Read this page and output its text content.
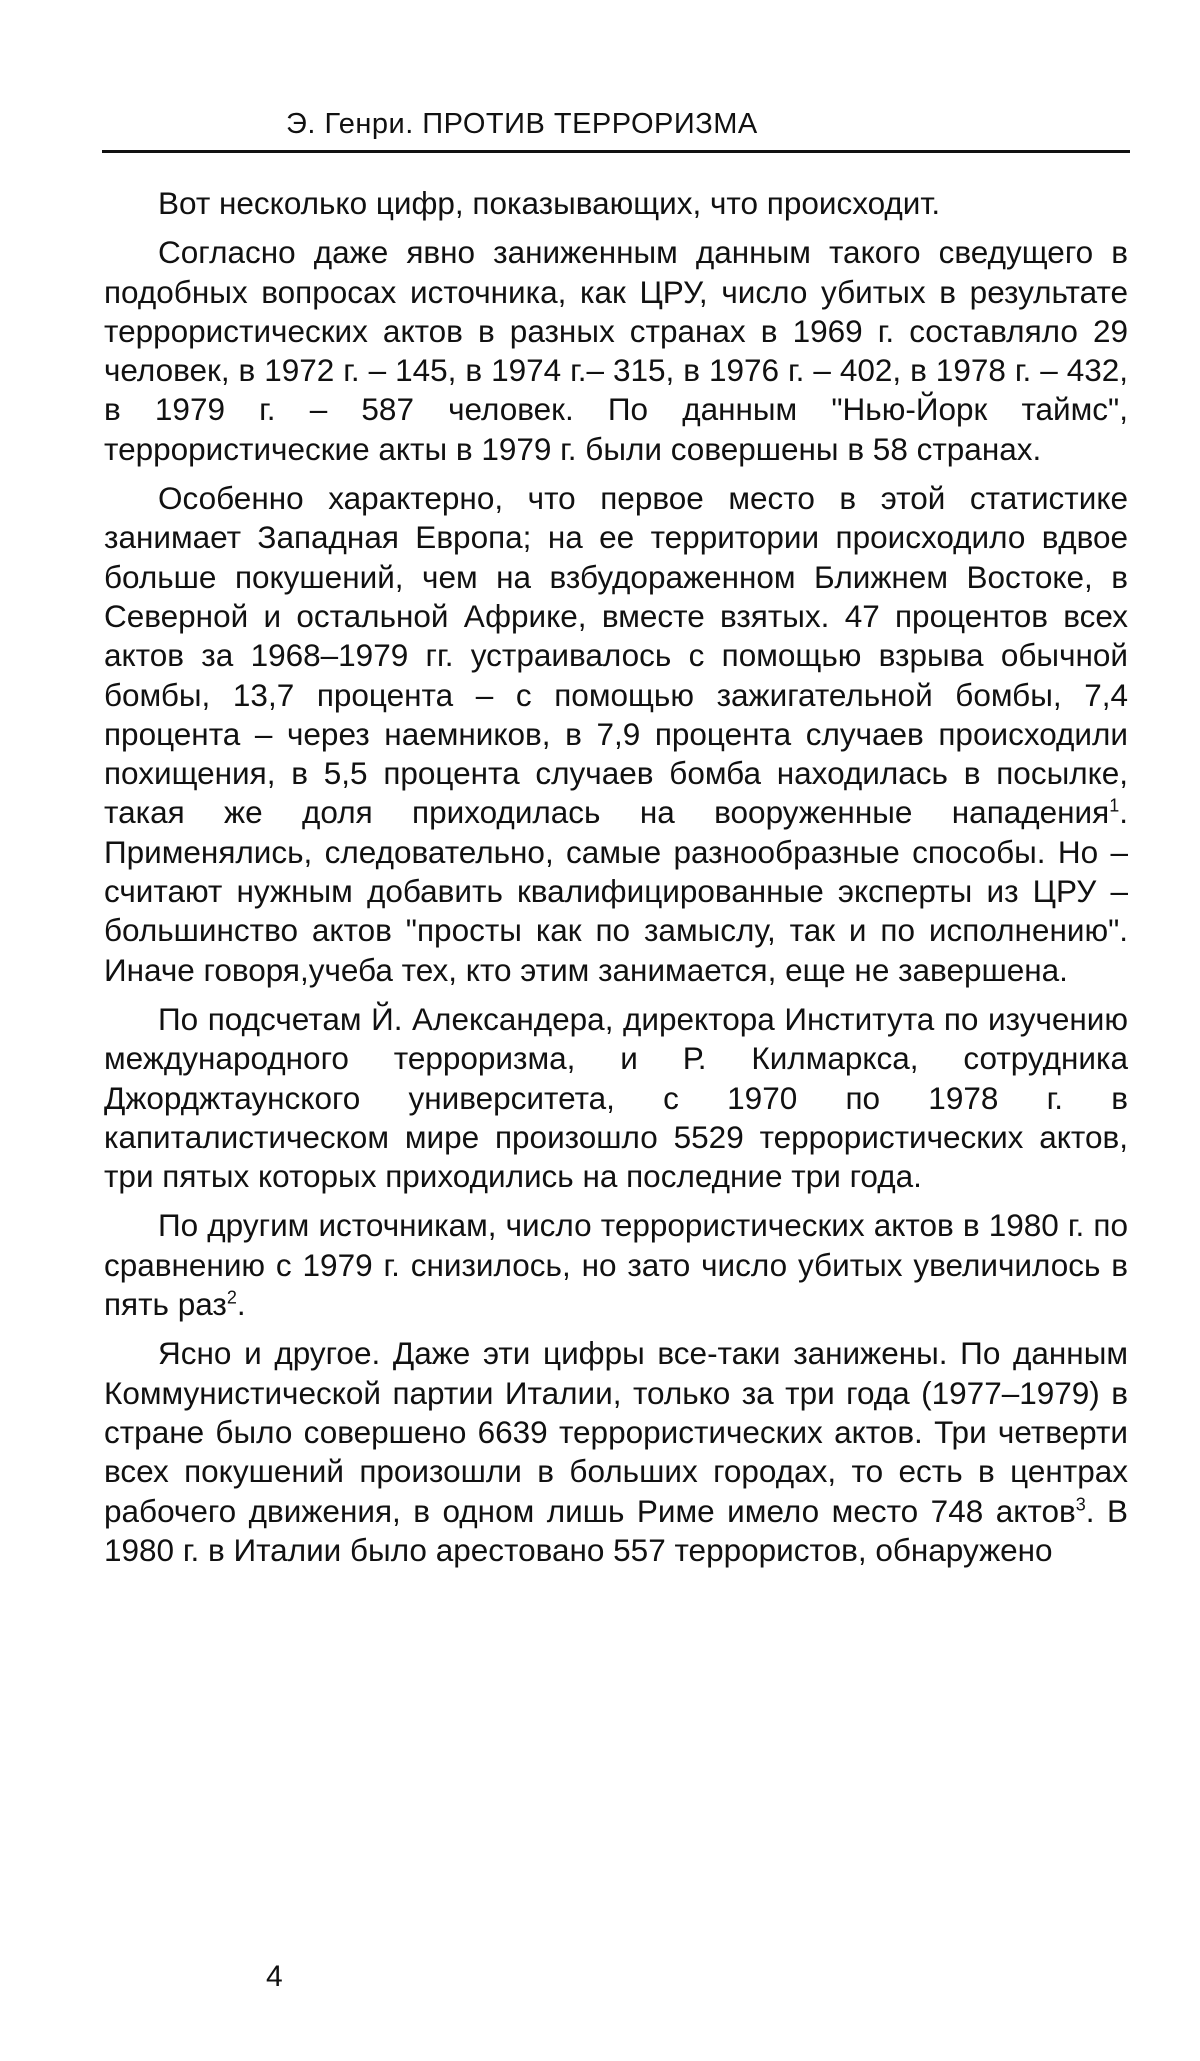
Э. Генри. ПРОТИВ ТЕРРОРИЗМА

Вот несколько цифр, показывающих, что происходит.

Согласно даже явно заниженным данным такого сведущего в подобных вопросах источника, как ЦРУ, число убитых в результате террористических актов в разных странах в 1969 г. составляло 29 человек, в 1972 г. – 145, в 1974 г.– 315, в 1976 г. – 402, в 1978 г. – 432, в 1979 г. – 587 человек. По данным "Нью-Йорк таймс", террористические акты в 1979 г. были совершены в 58 странах.

Особенно характерно, что первое место в этой статистике занимает Западная Европа; на ее территории происходило вдвое больше покушений, чем на взбудораженном Ближнем Востоке, в Северной и остальной Африке, вместе взятых. 47 процентов всех актов за 1968–1979 гг. устраивалось с помощью взрыва обычной бомбы, 13,7 процента – с помощью зажигательной бомбы, 7,4 процента – через наемников, в 7,9 процента случаев происходили похищения, в 5,5 процента случаев бомба находилась в посылке, такая же доля приходилась на вооруженные нападения$^1$. Применялись, следовательно, самые разнообразные способы. Но – считают нужным добавить квалифицированные эксперты из ЦРУ – большинство актов "просты как по замыслу, так и по исполнению". Иначе говоря,учеба тех, кто этим занимается, еще не завершена.

По подсчетам Й. Александера, директора Института по изучению международного терроризма, и Р. Килмаркса, сотрудника Джорджтаунского университета, с 1970 по 1978 г. в капиталистическом мире произошло 5529 террористических актов, три пятых которых приходились на последние три года.

По другим источникам, число террористических актов в 1980 г. по сравнению с 1979 г. снизилось, но зато число убитых увеличилось в пять раз$^2$.

Ясно и другое. Даже эти цифры все-таки занижены. По данным Коммунистической партии Италии, только за три года (1977–1979) в стране было совершено 6639 террористических актов. Три четверти всех покушений произошли в больших городах, то есть в центрах рабочего движения, в одном лишь Риме имело место 748 актов$^3$. В 1980 г. в Италии было арестовано 557 террористов, обнаружено

4
